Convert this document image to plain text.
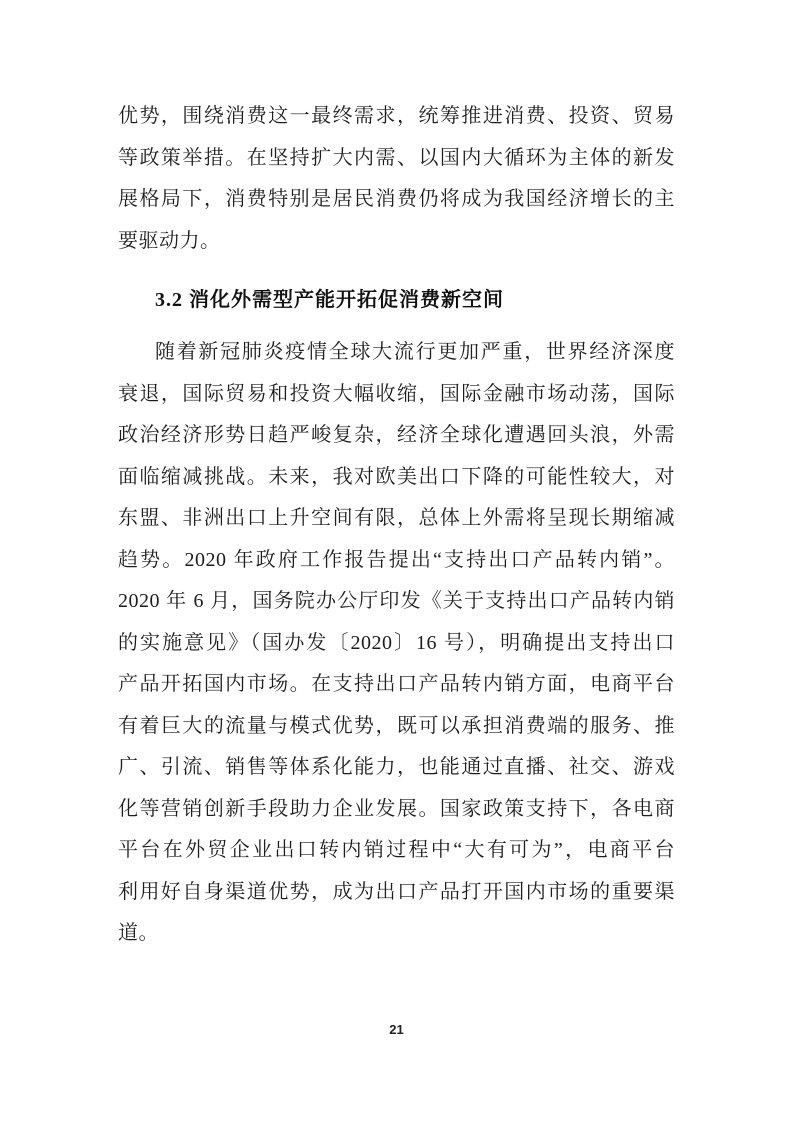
优势，围绕消费这一最终需求，统筹推进消费、投资、贸易
等政策举措。在坚持扩大内需、以国内大循环为主体的新发
展格局下，消费特别是居民消费仍将成为我国经济增长的主
要驱动力。
3.2 消化外需型产能开拓促消费新空间
随着新冠肺炎疫情全球大流行更加严重，世界经济深度
衰退，国际贸易和投资大幅收缩，国际金融市场动荡，国际
政治经济形势日趋严峻复杂，经济全球化遭遇回头浪，外需
面临缩减挑战。未来，我对欧美出口下降的可能性较大，对
东盟、非洲出口上升空间有限，总体上外需将呈现长期缩减
趋势。2020 年政府工作报告提出“支持出口产品转内销”。
2020 年 6 月，国务院办公厅印发《关于支持出口产品转内销
的实施意见》（国办发〔2020〕16 号），明确提出支持出口
产品开拓国内市场。在支持出口产品转内销方面，电商平台
有着巨大的流量与模式优势，既可以承担消费端的服务、推
广、引流、销售等体系化能力，也能通过直播、社交、游戏
化等营销创新手段助力企业发展。国家政策支持下，各电商
平台在外贸企业出口转内销过程中“大有可为”，电商平台
利用好自身渠道优势，成为出口产品打开国内市场的重要渠
道。
21
